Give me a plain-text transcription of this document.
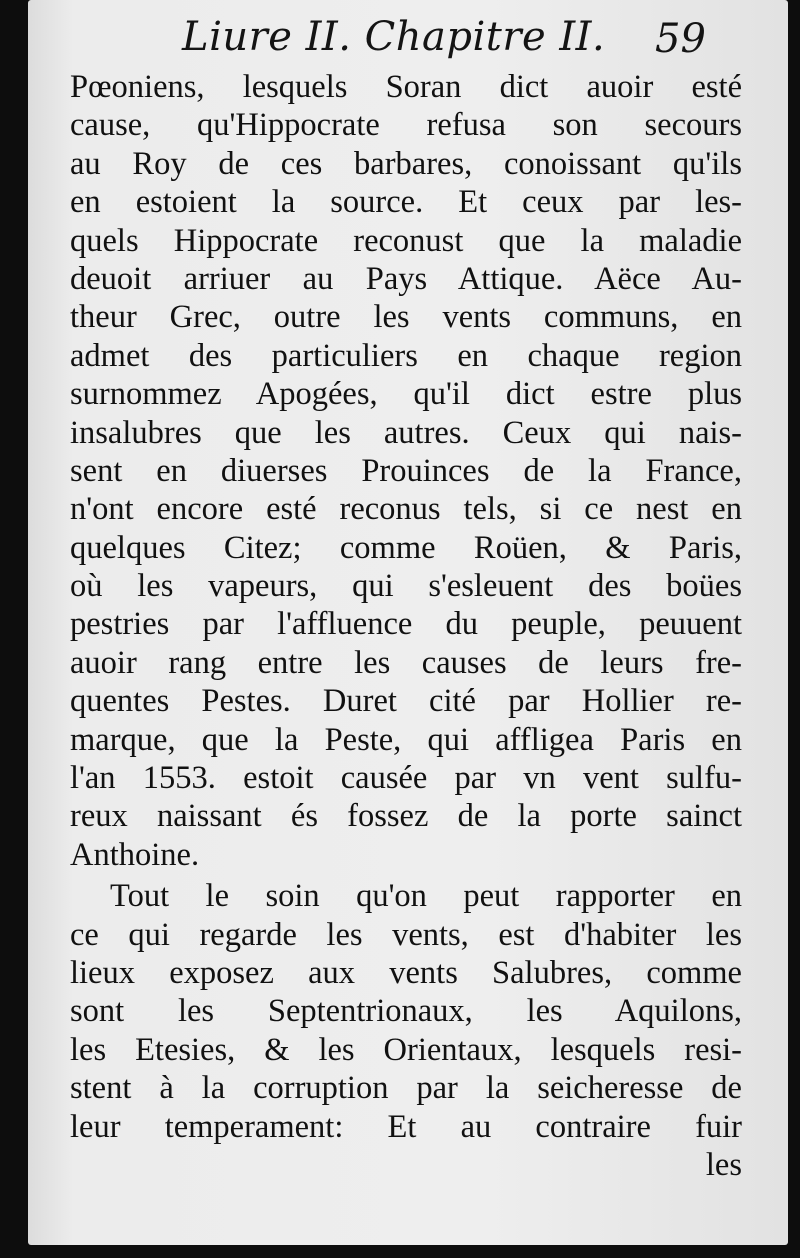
Liure II. Chapitre II. 59
Pœoniens, lesquels Soran dict auoir esté
cause, qu'Hippocrate refusa son secours
au Roy de ces barbares, conoissant qu'ils
en estoient la source. Et ceux par les-
quels Hippocrate reconust que la maladie
deuoit arriuer au Pays Attique. Aëce Au-
theur Grec, outre les vents communs, en
admet des particuliers en chaque region
surnommez Apogées, qu'il dict estre plus
insalubres que les autres. Ceux qui nais-
sent en diuerses Prouinces de la France,
n'ont encore esté reconus tels, si ce nest en
quelques Citez; comme Roüen, & Paris,
où les vapeurs, qui s'esleuent des boües
pestries par l'affluence du peuple, peuuent
auoir rang entre les causes de leurs fre-
quentes Pestes. Duret cité par Hollier re-
marque, que la Peste, qui affligea Paris en
l'an 1553. estoit causée par vn vent sulfu-
reux naissant és fossez de la porte sainct
Anthoine.
Tout le soin qu'on peut rapporter en
ce qui regarde les vents, est d'habiter les
lieux exposez aux vents Salubres, comme
sont les Septentrionaux, les Aquilons,
les Etesies, & les Orientaux, lesquels resi-
stent à la corruption par la seicheresse de
leur temperament: Et au contraire fuir
les
